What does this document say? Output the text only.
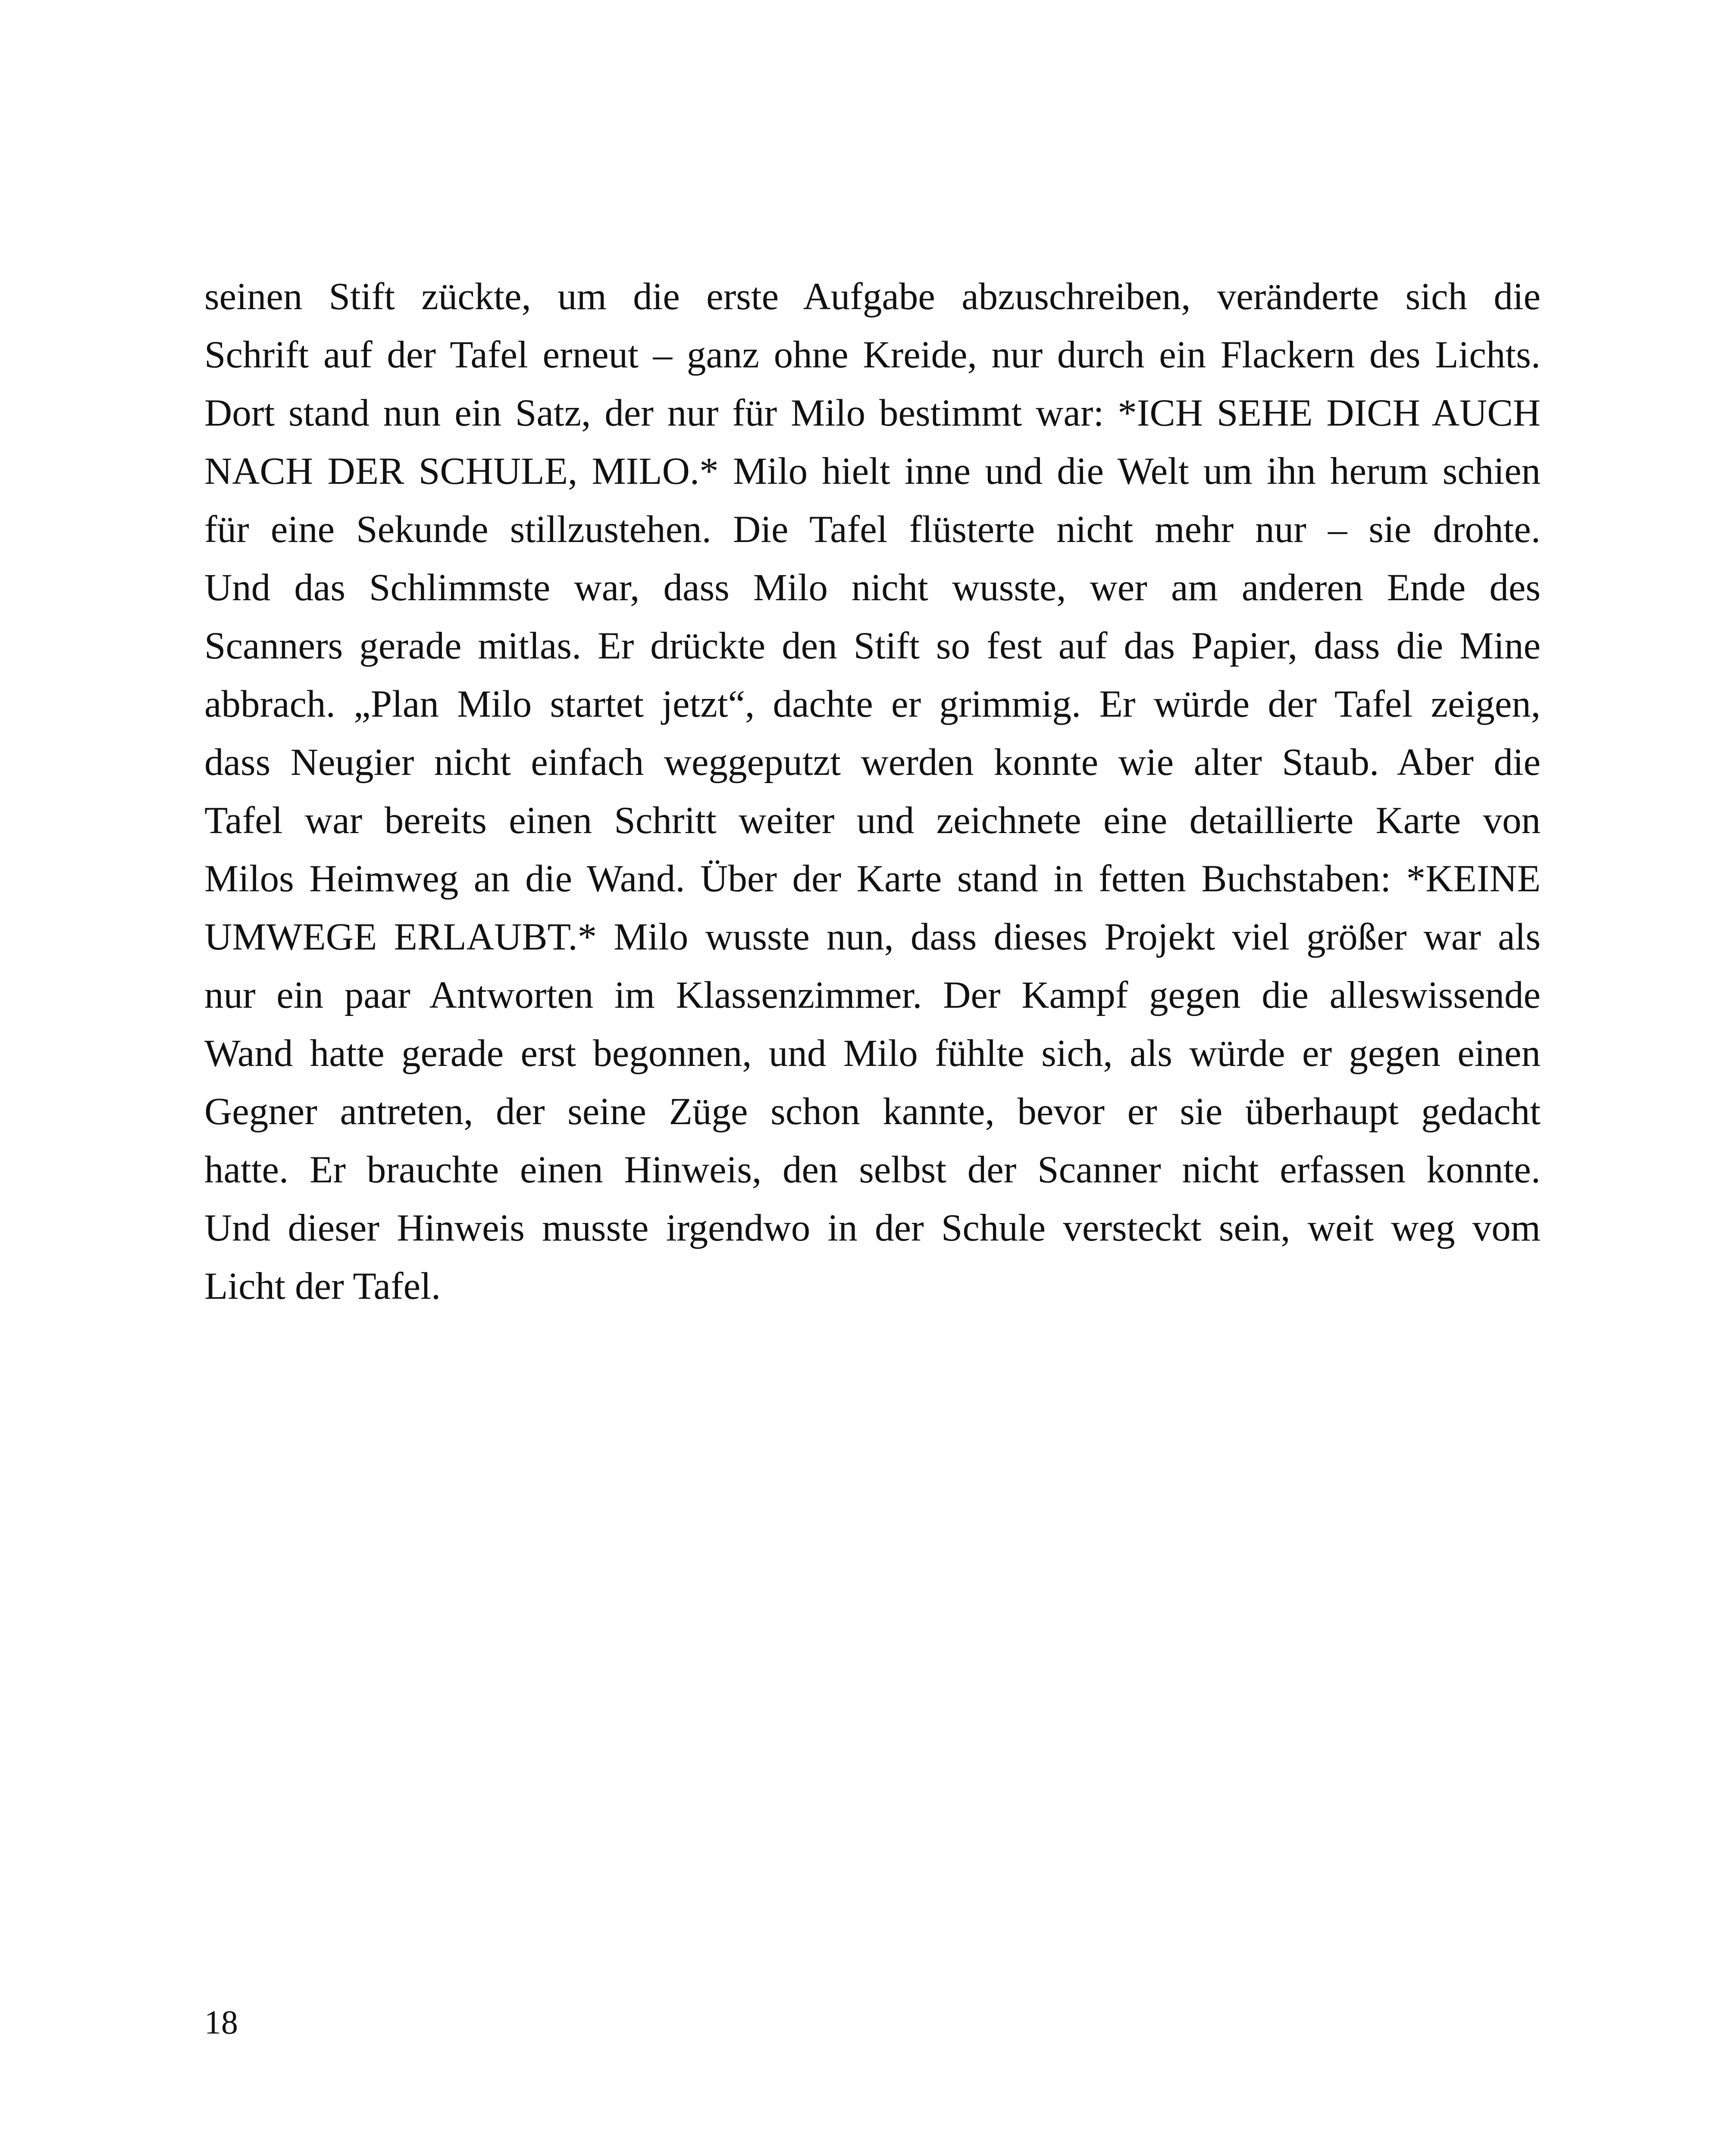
seinen Stift zückte, um die erste Aufgabe abzuschreiben, veränderte sich die
Schrift auf der Tafel erneut – ganz ohne Kreide, nur durch ein Flackern des Lichts.
Dort stand nun ein Satz, der nur für Milo bestimmt war: *ICH SEHE DICH AUCH
NACH DER SCHULE, MILO.* Milo hielt inne und die Welt um ihn herum schien
für eine Sekunde stillzustehen. Die Tafel flüsterte nicht mehr nur – sie drohte.
Und das Schlimmste war, dass Milo nicht wusste, wer am anderen Ende des
Scanners gerade mitlas. Er drückte den Stift so fest auf das Papier, dass die Mine
abbrach. „Plan Milo startet jetzt“, dachte er grimmig. Er würde der Tafel zeigen,
dass Neugier nicht einfach weggeputzt werden konnte wie alter Staub. Aber die
Tafel war bereits einen Schritt weiter und zeichnete eine detaillierte Karte von
Milos Heimweg an die Wand. Über der Karte stand in fetten Buchstaben: *KEINE
UMWEGE ERLAUBT.* Milo wusste nun, dass dieses Projekt viel größer war als
nur ein paar Antworten im Klassenzimmer. Der Kampf gegen die alleswissende
Wand hatte gerade erst begonnen, und Milo fühlte sich, als würde er gegen einen
Gegner antreten, der seine Züge schon kannte, bevor er sie überhaupt gedacht
hatte. Er brauchte einen Hinweis, den selbst der Scanner nicht erfassen konnte.
Und dieser Hinweis musste irgendwo in der Schule versteckt sein, weit weg vom
Licht der Tafel.

18
